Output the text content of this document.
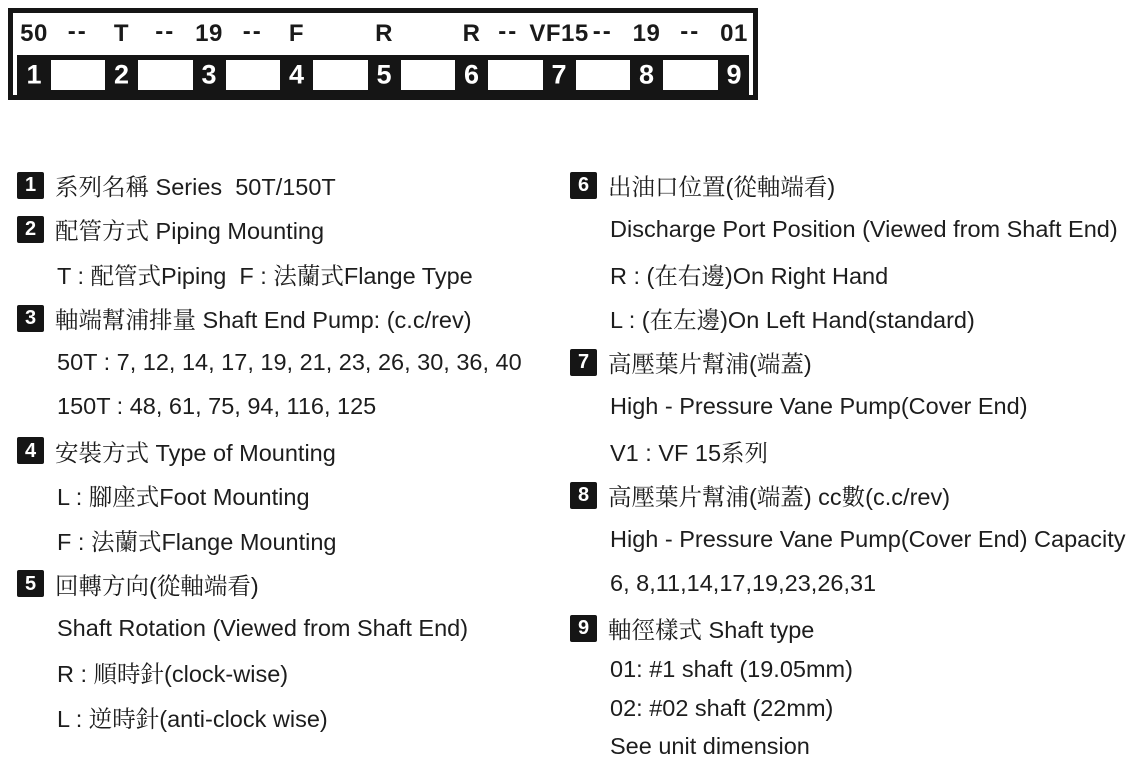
50 -- T -- 19 -- F	R	R -- VF15 -- 19 -- 01
1	2	3	4	5	6	7	8	9
1 系列名稱 Series  50T/150T
2 配管方式 Piping Mounting
T : 配管式Piping  F : 法蘭式Flange Type
3 軸端幫浦排量 Shaft End Pump: (c.c/rev)
50T : 7, 12, 14, 17, 19, 21, 23, 26, 30, 36, 40
150T : 48, 61, 75, 94, 116, 125
4 安裝方式 Type of Mounting
L : 腳座式Foot Mounting
F : 法蘭式Flange Mounting
5 回轉方向(從軸端看)
Shaft Rotation (Viewed from Shaft End)
R : 順時針(clock-wise)
L : 逆時針(anti-clock wise)
6 出油口位置(從軸端看)
Discharge Port Position (Viewed from Shaft End)
R : (在右邊)On Right Hand
L : (在左邊)On Left Hand(standard)
7 高壓葉片幫浦(端蓋)
High - Pressure Vane Pump(Cover End)
V1 : VF 15系列
8 高壓葉片幫浦(端蓋) cc數(c.c/rev)
High - Pressure Vane Pump(Cover End) Capacity
6, 8,11,14,17,19,23,26,31
9 軸徑樣式 Shaft type
01: #1 shaft (19.05mm)
02: #02 shaft (22mm)
See unit dimension
